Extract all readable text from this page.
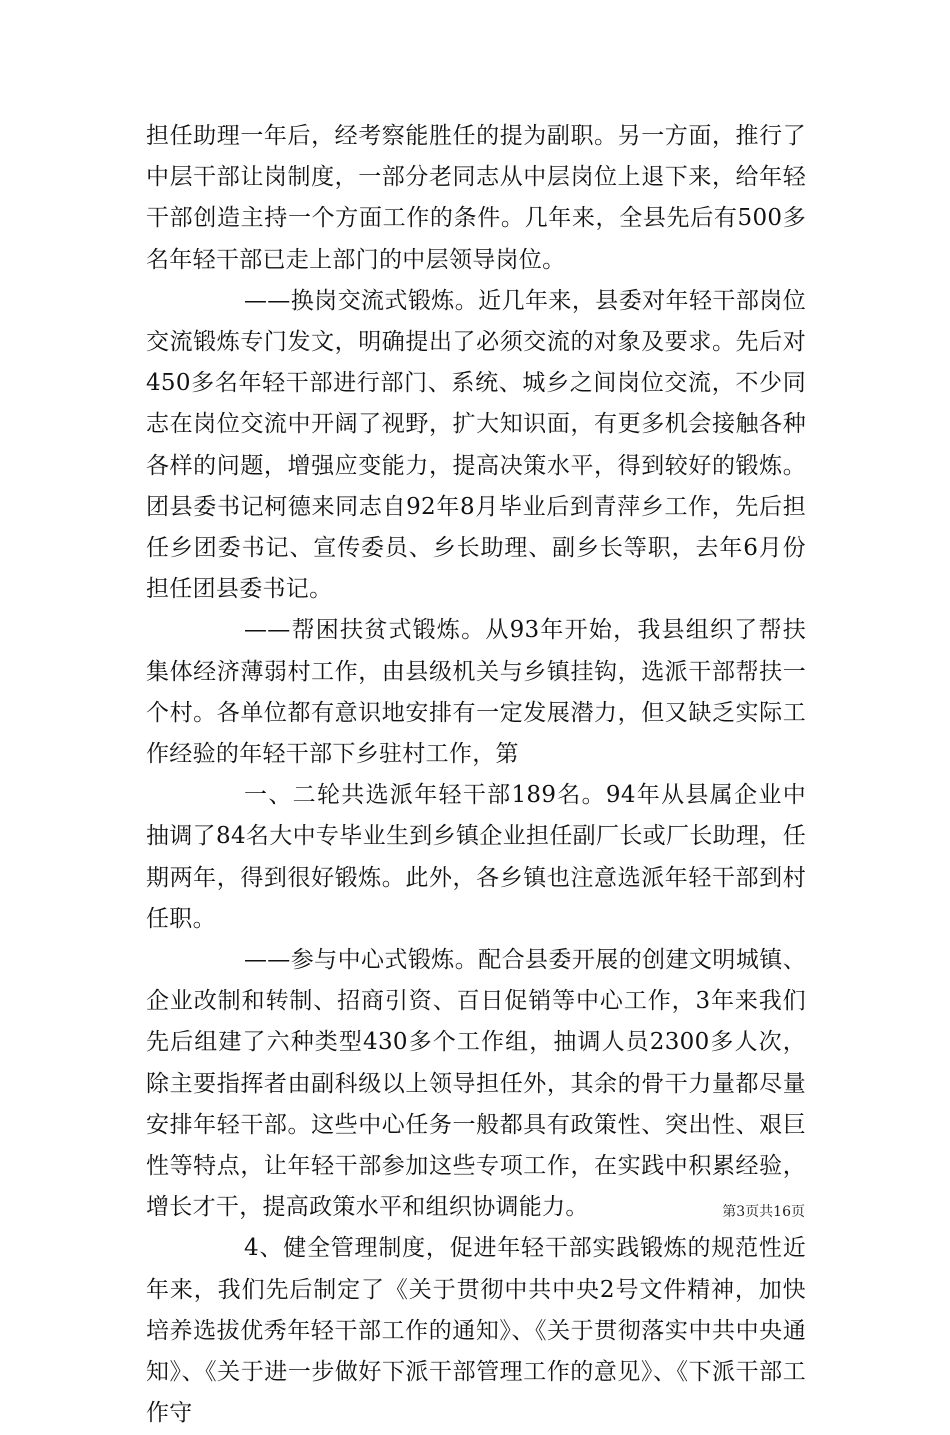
担任助理一年后，经考察能胜任的提为副职。另一方面，推行了中层干部让岗制度，一部分老同志从中层岗位上退下来，给年轻干部创造主持一个方面工作的条件。几年来，全县先后有500多名年轻干部已走上部门的中层领导岗位。

——换岗交流式锻炼。近几年来，县委对年轻干部岗位交流锻炼专门发文，明确提出了必须交流的对象及要求。先后对450多名年轻干部进行部门、系统、城乡之间岗位交流，不少同志在岗位交流中开阔了视野，扩大知识面，有更多机会接触各种各样的问题，增强应变能力，提高决策水平，得到较好的锻炼。团县委书记柯德来同志自92年8月毕业后到青萍乡工作，先后担任乡团委书记、宣传委员、乡长助理、副乡长等职，去年6月份担任团县委书记。

——帮困扶贫式锻炼。从93年开始，我县组织了帮扶集体经济薄弱村工作，由县级机关与乡镇挂钩，选派干部帮扶一个村。各单位都有意识地安排有一定发展潜力，但又缺乏实际工作经验的年轻干部下乡驻村工作，第

一、二轮共选派年轻干部189名。94年从县属企业中抽调了84名大中专毕业生到乡镇企业担任副厂长或厂长助理，任期两年，得到很好锻炼。此外，各乡镇也注意选派年轻干部到村任职。

——参与中心式锻炼。配合县委开展的创建文明城镇、企业改制和转制、招商引资、百日促销等中心工作，3年来我们先后组建了六种类型430多个工作组，抽调人员2300多人次，除主要指挥者由副科级以上领导担任外，其余的骨干力量都尽量安排年轻干部。这些中心任务一般都具有政策性、突出性、艰巨性等特点，让年轻干部参加这些专项工作，在实践中积累经验，增长才干，提高政策水平和组织协调能力。

4、健全管理制度，促进年轻干部实践锻炼的规范性近年来，我们先后制定了《关于贯彻中共中央2号文件精神，加快培养选拔优秀年轻干部工作的通知》、《关于贯彻落实中共中央通知》、《关于进一步做好下派干部管理工作的意见》、《下派干部工作守

第3页共16页
